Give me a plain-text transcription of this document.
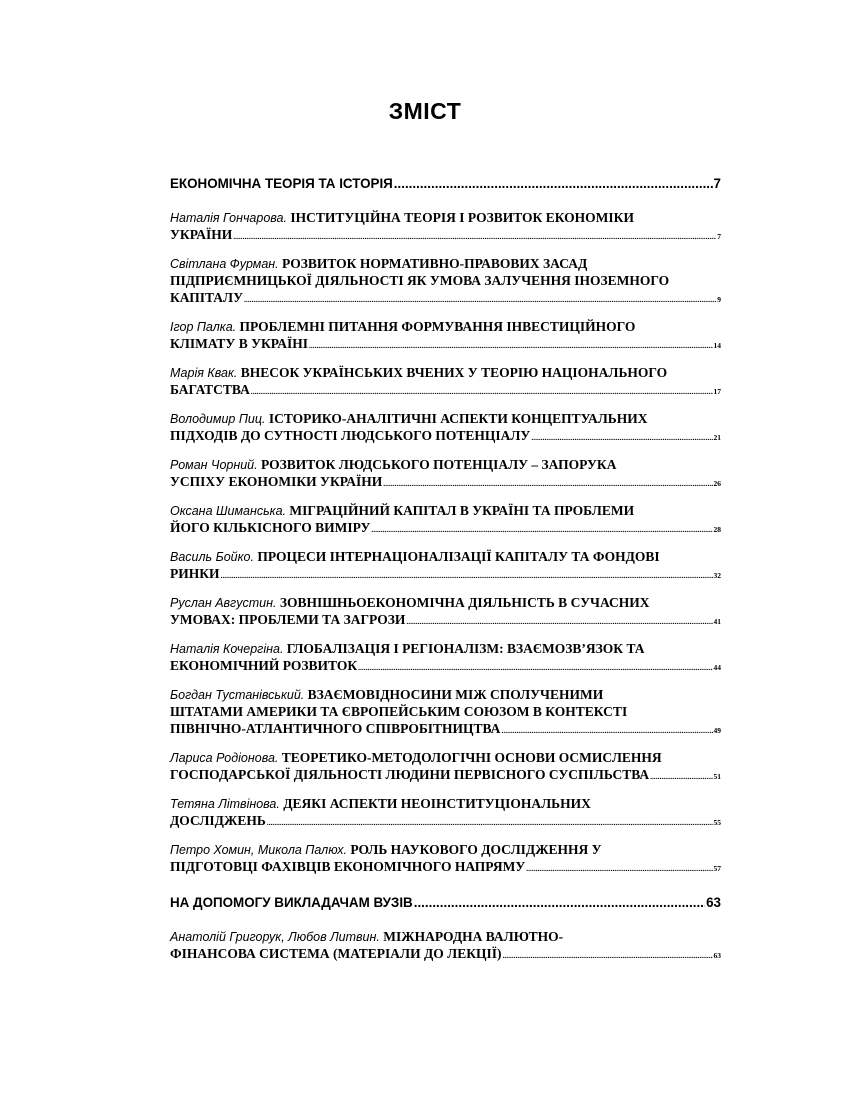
ЗМІСТ
ЕКОНОМІЧНА ТЕОРІЯ ТА ІСТОРІЯ .....	7
Наталія Гончарова.
ІНСТИТУЦІЙНА ТЕОРІЯ І РОЗВИТОК ЕКОНОМІКИ
УКРАЇНИ .....	7
Світлана Фурман.
РОЗВИТОК НОРМАТИВНО-ПРАВОВИХ ЗАСАД
ПІДПРИЄМНИЦЬКОЇ ДІЯЛЬНОСТІ ЯК УМОВА ЗАЛУЧЕННЯ ІНОЗЕМНОГО
КАПІТАЛУ .....	9
Ігор Палка.
ПРОБЛЕМНІ ПИТАННЯ ФОРМУВАННЯ ІНВЕСТИЦІЙНОГО
КЛІМАТУ В УКРАЇНІ .....	14
Марія Квак.
ВНЕСОК УКРАЇНСЬКИХ ВЧЕНИХ У ТЕОРІЮ НАЦІОНАЛЬНОГО
БАГАТСТВА .....	17
Володимир Пиц.
ІСТОРИКО-АНАЛІТИЧНІ АСПЕКТИ КОНЦЕПТУАЛЬНИХ
ПІДХОДІВ ДО СУТНОСТІ ЛЮДСЬКОГО ПОТЕНЦІАЛУ .....	21
Роман Чорний.
РОЗВИТОК ЛЮДСЬКОГО ПОТЕНЦІАЛУ – ЗАПОРУКА
УСПІХУ ЕКОНОМІКИ УКРАЇНИ .....	26
Оксана Шиманська.
МІГРАЦІЙНИЙ КАПІТАЛ В УКРАЇНІ ТА ПРОБЛЕМИ
ЙОГО КІЛЬКІСНОГО ВИМІРУ .....	28
Василь Бойко.
ПРОЦЕСИ ІНТЕРНАЦІОНАЛІЗАЦІЇ КАПІТАЛУ ТА ФОНДОВІ
РИНКИ .....	32
Руслан Августин.
ЗОВНІШНЬОЕКОНОМІЧНА ДІЯЛЬНІСТЬ В СУЧАСНИХ
УМОВАХ: ПРОБЛЕМИ ТА ЗАГРОЗИ .....	41
Наталія Кочергіна.
ГЛОБАЛІЗАЦІЯ І РЕГІОНАЛІЗМ: ВЗАЄМОЗВ’ЯЗОК ТА
ЕКОНОМІЧНИЙ РОЗВИТОК .....	44
Богдан Тустанівський.
ВЗАЄМОВІДНОСИНИ МІЖ СПОЛУЧЕНИМИ
ШТАТАМИ АМЕРИКИ ТА ЄВРОПЕЙСЬКИМ СОЮЗОМ В КОНТЕКСТІ
ПІВНІЧНО-АТЛАНТИЧНОГО СПІВРОБІТНИЦТВА .....	49
Лариса Родіонова.
ТЕОРЕТИКО-МЕТОДОЛОГІЧНІ ОСНОВИ ОСМИСЛЕННЯ
ГОСПОДАРСЬКОЇ ДІЯЛЬНОСТІ ЛЮДИНИ ПЕРВІСНОГО СУСПІЛЬСТВА .....	51
Тетяна Літвінова.
ДЕЯКІ АСПЕКТИ НЕОІНСТИТУЦІОНАЛЬНИХ
ДОСЛІДЖЕНЬ .....	55
Петро Хомин, Микола Палюх.
РОЛЬ НАУКОВОГО ДОСЛІДЖЕННЯ У
ПІДГОТОВЦІ ФАХІВЦІВ ЕКОНОМІЧНОГО НАПРЯМУ .....	57
НА ДОПОМОГУ ВИКЛАДАЧАМ ВУЗІВ .....	63
Анатолій Григорук, Любов Литвин.
МІЖНАРОДНА ВАЛЮТНО-
ФІНАНСОВА СИСТЕМА (МАТЕРІАЛИ ДО ЛЕКЦІЇ) .....	63
